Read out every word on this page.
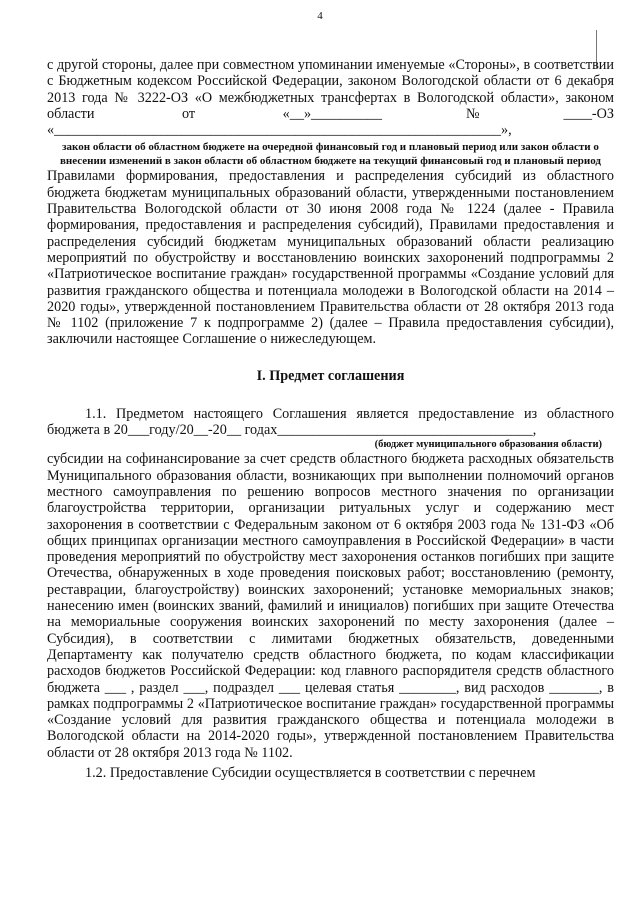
4

с другой стороны, далее при совместном упоминании именуемые «Стороны», в соответствии с Бюджетным кодексом Российской Федерации, законом Вологодской области от 6 декабря 2013 года № 3222-ОЗ «О межбюджетных трансфертах в Вологодской области», законом области от «__»__________№____-ОЗ «_______________________________________________________________»,

закон области об областном бюджете на очередной финансовый год и плановый период или закон области о внесении изменений в закон области об областном бюджете на текущий финансовый год и плановый период

Правилами формирования, предоставления и распределения субсидий из областного бюджета бюджетам муниципальных образований области, утвержденными постановлением Правительства Вологодской области от 30 июня 2008 года № 1224 (далее - Правила формирования, предоставления и распределения субсидий), Правилами предоставления и распределения субсидий бюджетам муниципальных образований области реализацию мероприятий по обустройству и восстановлению воинских захоронений подпрограммы 2 «Патриотическое воспитание граждан» государственной программы «Создание условий для развития гражданского общества и потенциала молодежи в Вологодской области на 2014 – 2020 годы», утвержденной постановлением Правительства области от 28 октября 2013 года № 1102 (приложение 7 к подпрограмме 2) (далее – Правила предоставления субсидии), заключили настоящее Соглашение о нижеследующем.

I. Предмет соглашения

1.1. Предметом настоящего Соглашения является предоставление из областного бюджета в 20___году/20__-20__ годах____________________________________,

(бюджет муниципального образования области)

субсидии на софинансирование за счет средств областного бюджета расходных обязательств Муниципального образования области, возникающих при выполнении полномочий органов местного самоуправления по решению вопросов местного значения по организации благоустройства территории, организации ритуальных услуг и содержанию мест захоронения в соответствии с Федеральным законом от 6 октября 2003 года № 131-ФЗ «Об общих принципах организации местного самоуправления в Российской Федерации» в части проведения мероприятий по обустройству мест захоронения останков погибших при защите Отечества, обнаруженных в ходе проведения поисковых работ; восстановлению (ремонту, реставрации, благоустройству) воинских захоронений; установке мемориальных знаков; нанесению имен (воинских званий, фамилий и инициалов) погибших при защите Отечества на мемориальные сооружения воинских захоронений по месту захоронения (далее – Субсидия), в соответствии с лимитами бюджетных обязательств, доведенными Департаменту как получателю средств областного бюджета, по кодам классификации расходов бюджетов Российской Федерации: код главного распорядителя средств областного бюджета ___ , раздел ___, подраздел ___ целевая статья ________, вид расходов _______, в рамках подпрограммы 2 «Патриотическое воспитание граждан» государственной программы «Создание условий для развития гражданского общества и потенциала молодежи в Вологодской области на 2014-2020 годы», утвержденной постановлением Правительства области от 28 октября 2013 года № 1102.

1.2. Предоставление Субсидии осуществляется в соответствии с перечнем
